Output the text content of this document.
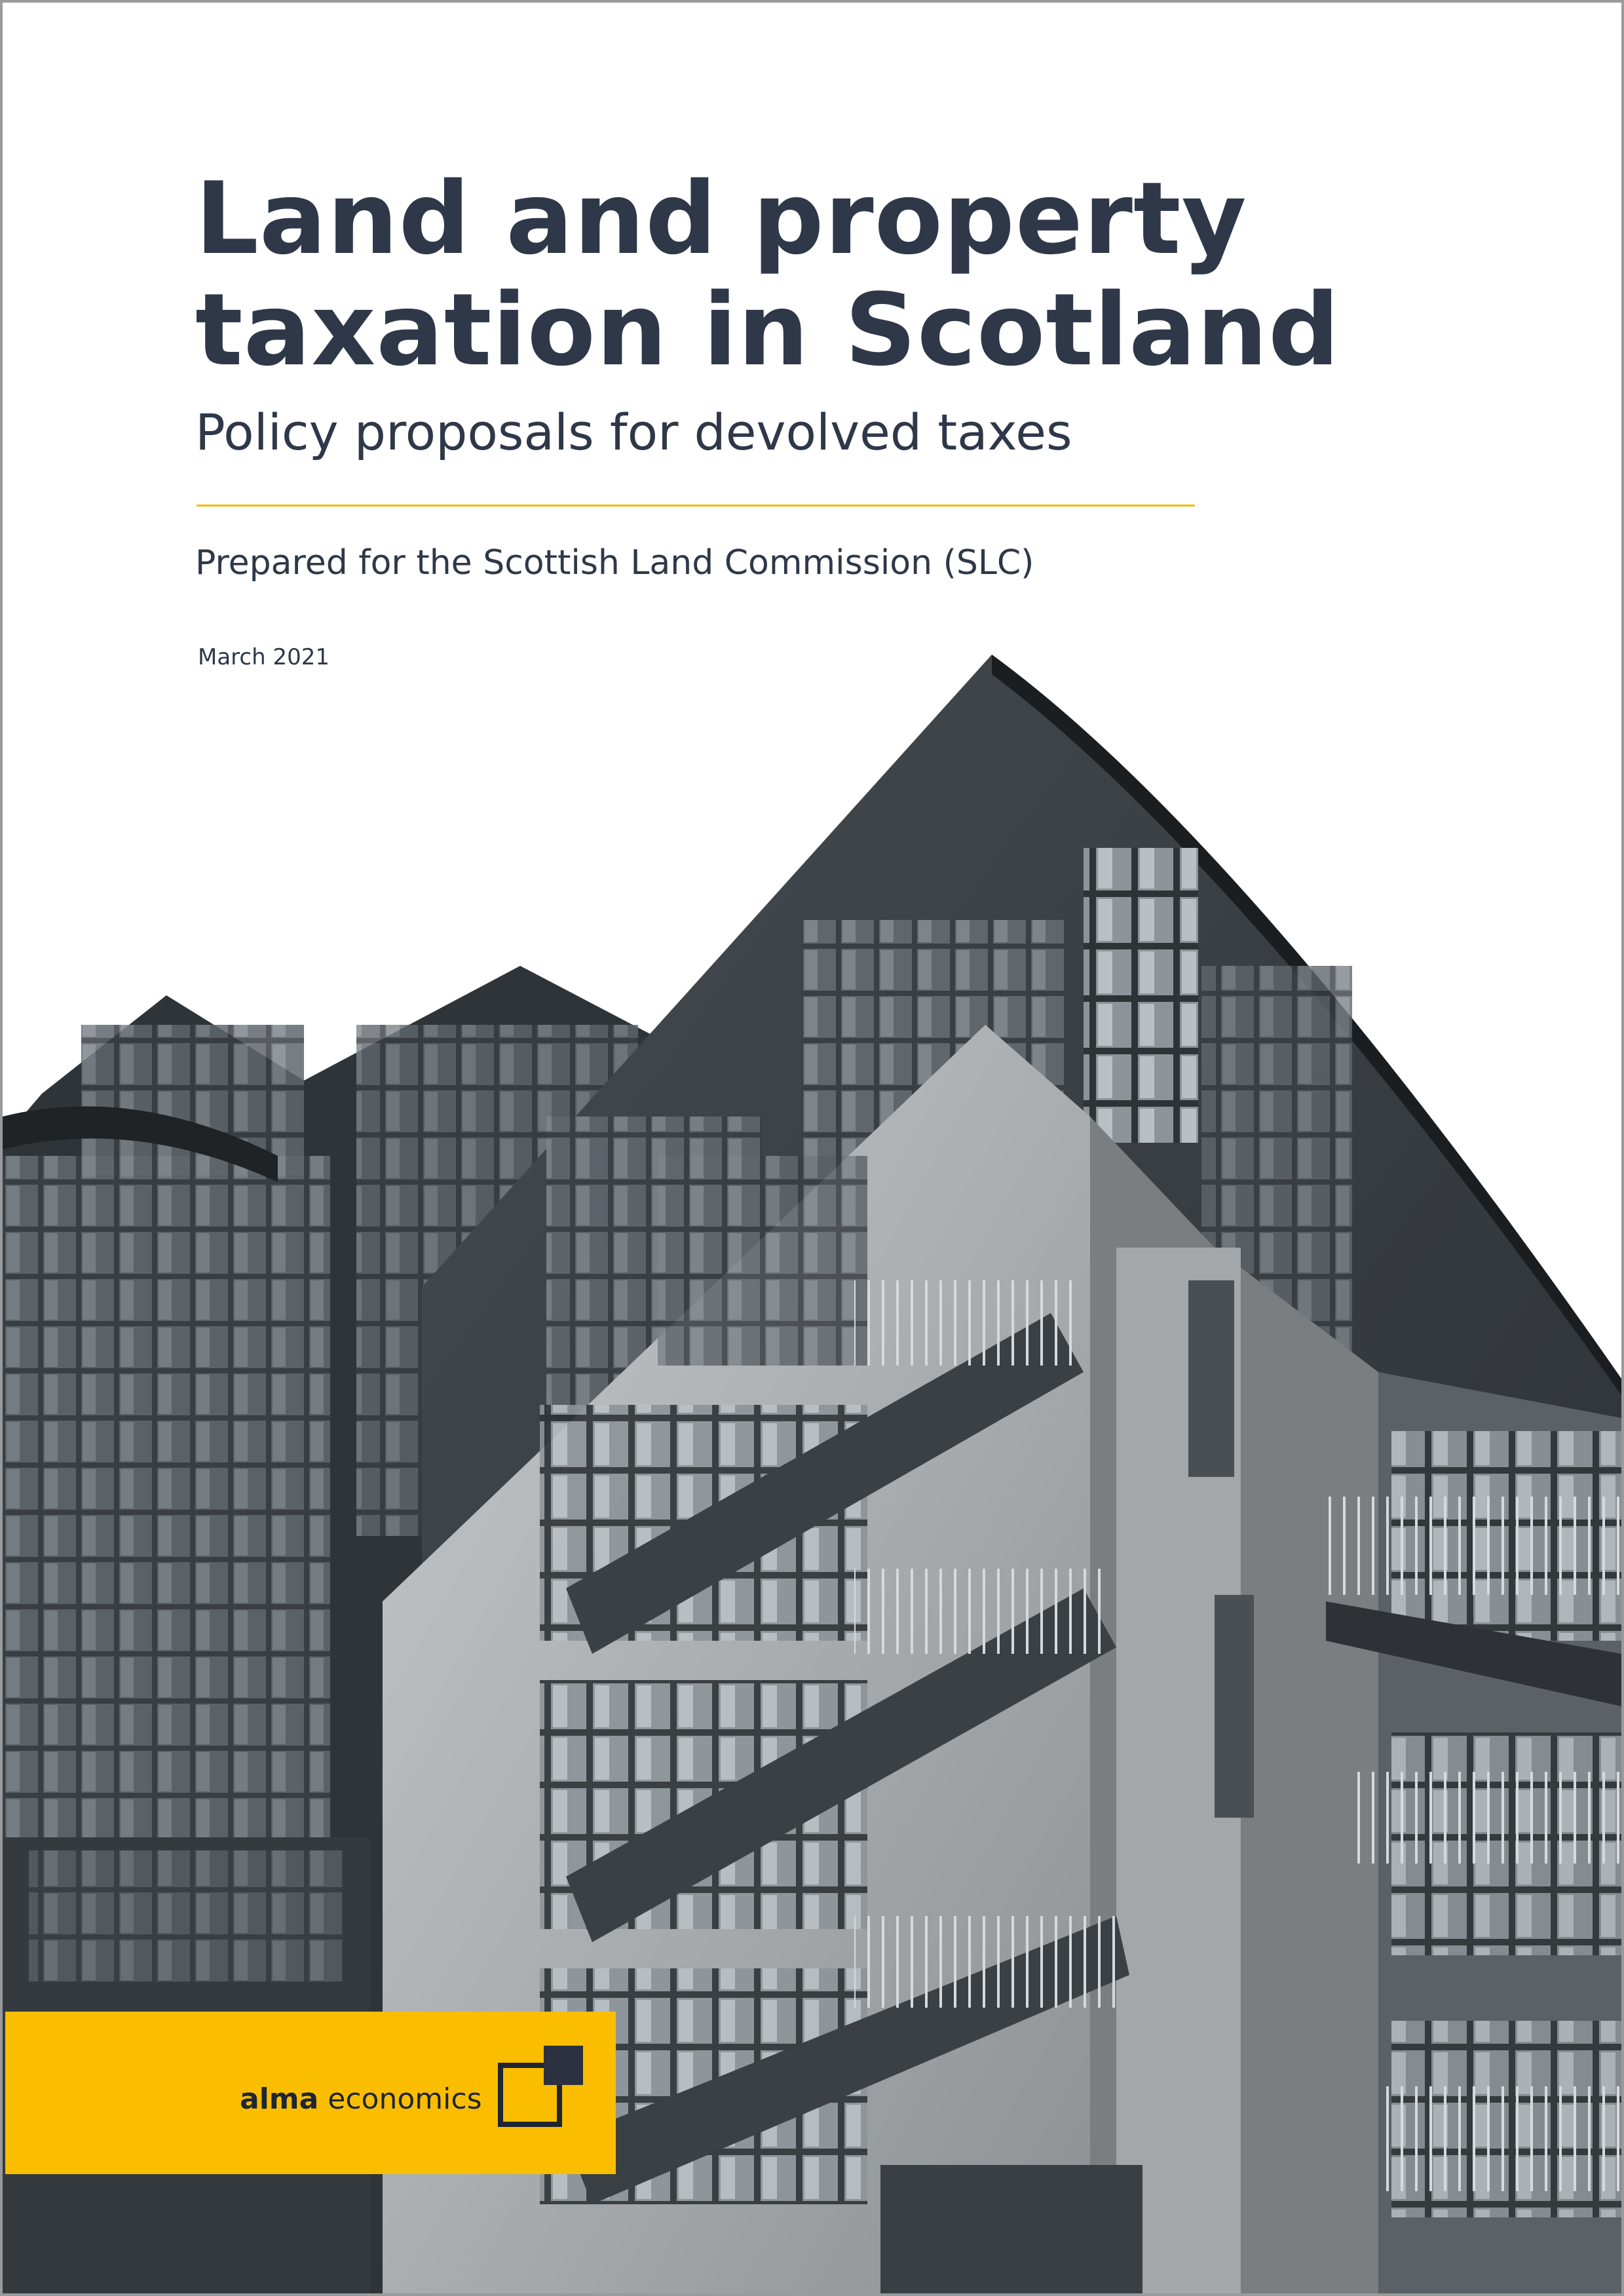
Land and property
taxation in Scotland

Policy proposals for devolved taxes

Prepared for the Scottish Land Commission (SLC)

March 2021

alma economics
